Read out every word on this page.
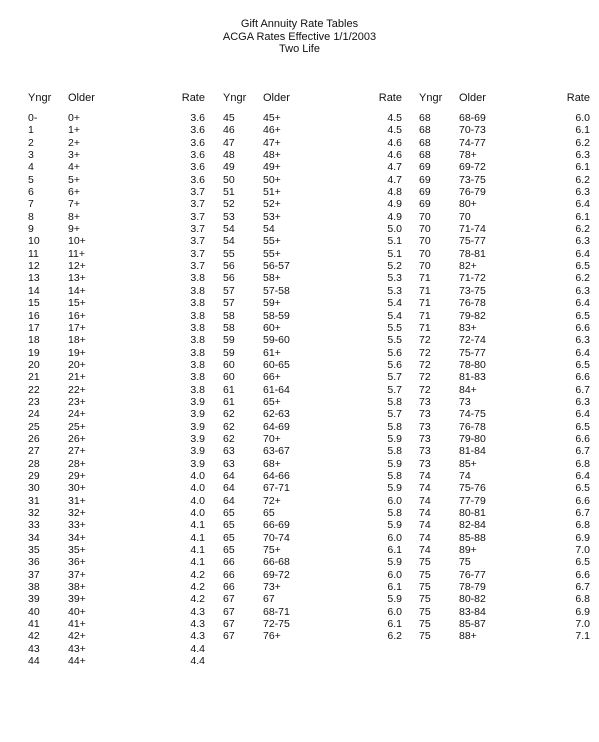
Gift Annuity Rate Tables
ACGA Rates Effective 1/1/2003
Two Life
Yngr Older	Rate
0-	0+	3.6
1	1+	3.6
2	2+	3.6
3	3+	3.6
4	4+	3.6
5	5+	3.6
6	6+	3.7
7	7+	3.7
8	8+	3.7
9	9+	3.7
10	10+	3.7
11	11+	3.7
12	12+	3.7
13	13+	3.8
14	14+	3.8
15	15+	3.8
16	16+	3.8
17	17+	3.8
18	18+	3.8
19	19+	3.8
20	20+	3.8
21	21+	3.8
22	22+	3.8
23	23+	3.9
24	24+	3.9
25	25+	3.9
26	26+	3.9
27	27+	3.9
28	28+	3.9
29	29+	4.0
30	30+	4.0
31	31+	4.0
32	32+	4.0
33	33+	4.1
34	34+	4.1
35	35+	4.1
36	36+	4.1
37	37+	4.2
38	38+	4.2
39	39+	4.2
40	40+	4.3
41	41+	4.3
42	42+	4.3
43	43+	4.4
44	44+	4.4
Yngr Older	Rate
45	45+	4.5
46	46+	4.5
47	47+	4.6
48	48+	4.6
49	49+	4.7
50	50+	4.7
51	51+	4.8
52	52+	4.9
53	53+	4.9
54	54	5.0
54	55+	5.1
55	55+	5.1
56	56-57	5.2
56	58+	5.3
57	57-58	5.3
57	59+	5.4
58	58-59	5.4
58	60+	5.5
59	59-60	5.5
59	61+	5.6
60	60-65	5.6
60	66+	5.7
61	61-64	5.7
61	65+	5.8
62	62-63	5.7
62	64-69	5.8
62	70+	5.9
63	63-67	5.8
63	68+	5.9
64	64-66	5.8
64	67-71	5.9
64	72+	6.0
65	65	5.8
65	66-69	5.9
65	70-74	6.0
65	75+	6.1
66	66-68	5.9
66	69-72	6.0
66	73+	6.1
67	67	5.9
67	68-71	6.0
67	72-75	6.1
67	76+	6.2
Yngr Older	Rate
68	68-69	6.0
68	70-73	6.1
68	74-77	6.2
68	78+	6.3
69	69-72	6.1
69	73-75	6.2
69	76-79	6.3
69	80+	6.4
70	70	6.1
70	71-74	6.2
70	75-77	6.3
70	78-81	6.4
70	82+	6.5
71	71-72	6.2
71	73-75	6.3
71	76-78	6.4
71	79-82	6.5
71	83+	6.6
72	72-74	6.3
72	75-77	6.4
72	78-80	6.5
72	81-83	6.6
72	84+	6.7
73	73	6.3
73	74-75	6.4
73	76-78	6.5
73	79-80	6.6
73	81-84	6.7
73	85+	6.8
74	74	6.4
74	75-76	6.5
74	77-79	6.6
74	80-81	6.7
74	82-84	6.8
74	85-88	6.9
74	89+	7.0
75	75	6.5
75	76-77	6.6
75	78-79	6.7
75	80-82	6.8
75	83-84	6.9
75	85-87	7.0
75	88+	7.1
